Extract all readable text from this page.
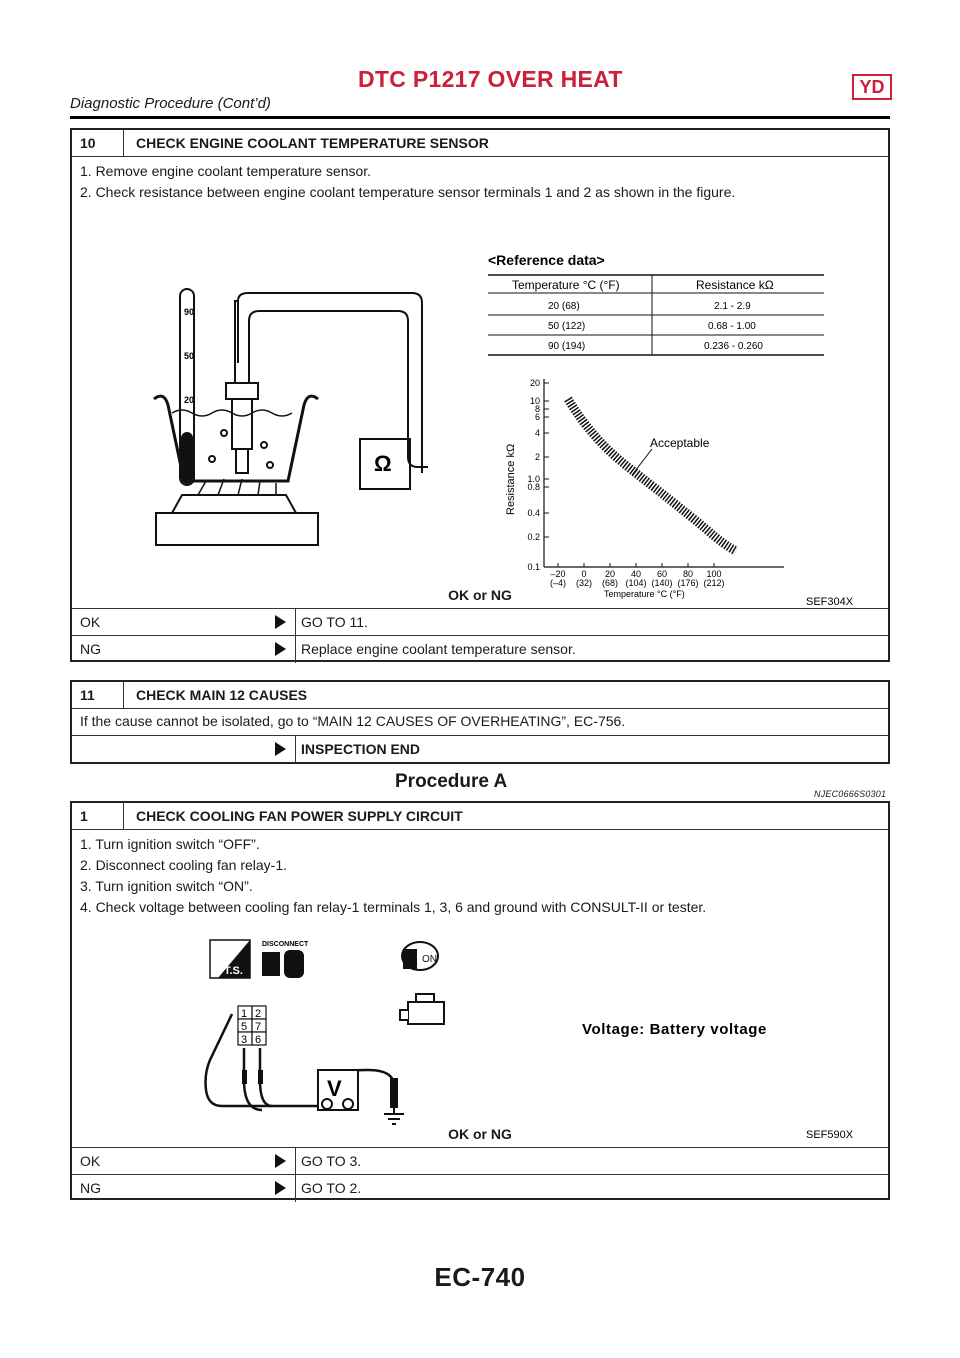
DTC P1217 OVER HEAT	YD
Diagnostic Procedure (Cont’d)
10	CHECK ENGINE COOLANT TEMPERATURE SENSOR
1. Remove engine coolant temperature sensor.
2. Check resistance between engine coolant temperature sensor terminals 1 and 2 as shown in the figure.
Ω
90
50
20
<Reference data>
Temperature °C (°F)	Resistance kΩ
20 (68)	2.1 - 2.9
50 (122)	0.68 - 1.00
90 (194)	0.236 - 0.260
20
10
8
6
4
2
1.0
0.8
0.4
0.2
0.1
–20
(–4)
0
(32)
20
(68)
40
(104)
60
(140)
80
(176)
100
(212)
Acceptable
Resistance kΩ
Temperature °C (°F)
SEF304X
OK or NG
OK	GO TO 11.
NG	Replace engine coolant temperature sensor.
11	CHECK MAIN 12 CAUSES
If the cause cannot be isolated, go to “MAIN 12 CAUSES OF OVERHEATING”, EC-756.
INSPECTION END
Procedure A
NJEC0666S0301
1	CHECK COOLING FAN POWER SUPPLY CIRCUIT
1. Turn ignition switch “OFF”.
2. Disconnect cooling fan relay-1.
3. Turn ignition switch “ON”.
4. Check voltage between cooling fan relay-1 terminals 1, 3, 6 and ground with CONSULT-II or tester.
T.S.
DISCONNECT
ON
1 2
5 7
3 6
V
Voltage: Battery voltage
SEF590X
OK or NG
OK	GO TO 3.
NG	GO TO 2.
EC-740
